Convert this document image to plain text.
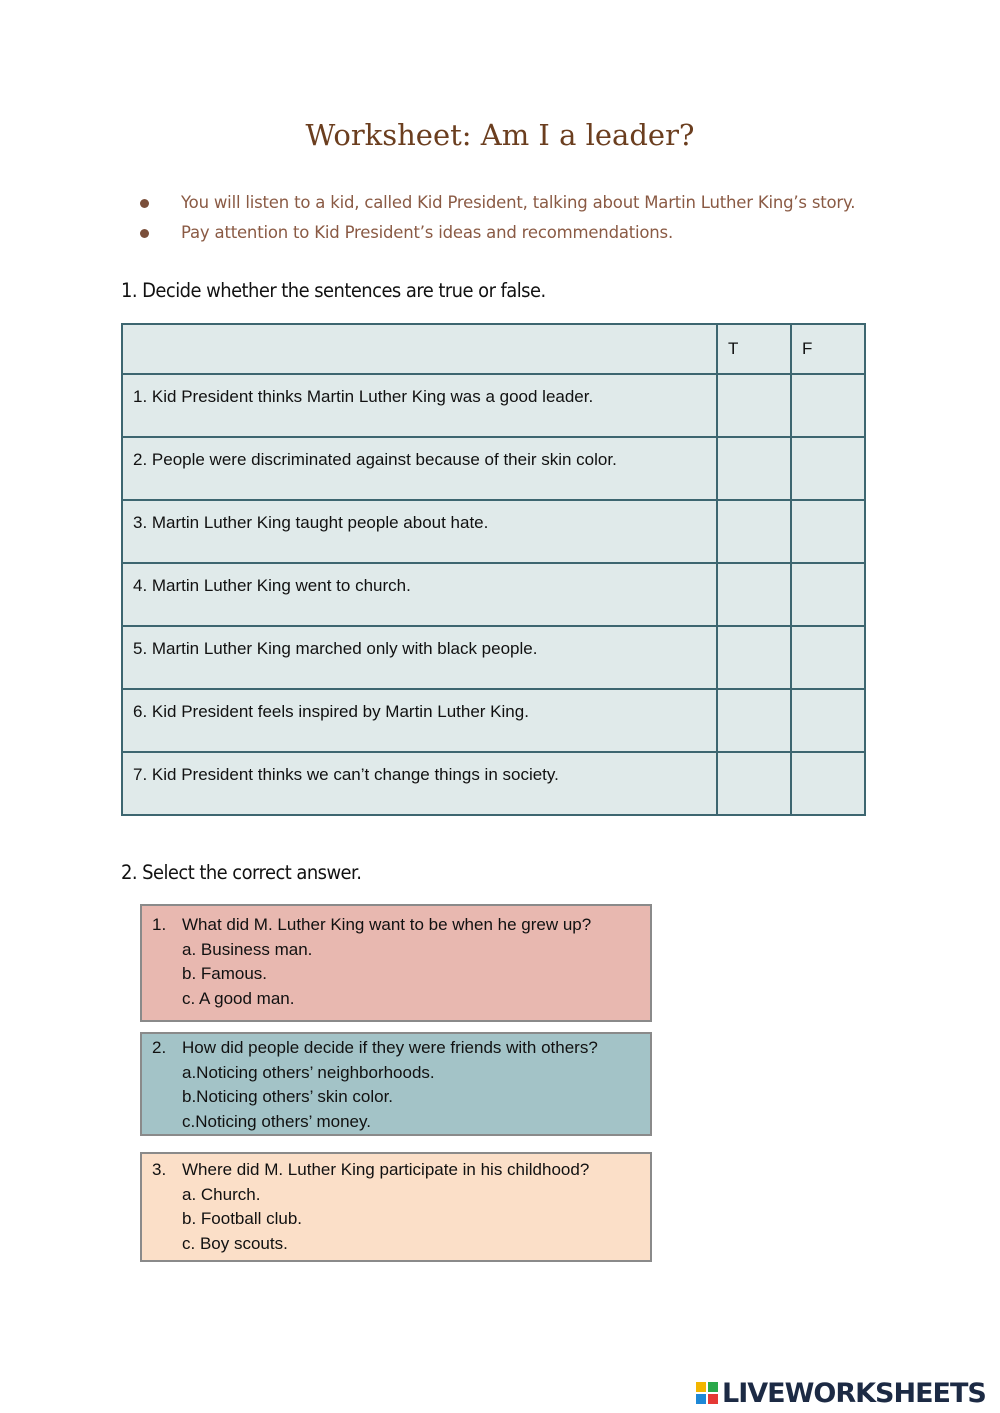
Worksheet: Am I a leader?
You will listen to a kid, called Kid President, talking about Martin Luther King’s story.
Pay attention to Kid President’s ideas and recommendations.
1. Decide whether the sentences are true or false.
	T	F
1. Kid President thinks Martin Luther King was a good leader.		
2. People were discriminated against because of their skin color.		
3. Martin Luther King taught people about hate.		
4. Martin Luther King went to church.		
5. Martin Luther King marched only with black people.		
6. Kid President feels inspired by Martin Luther King.		
7. Kid President thinks we can’t change things in society.		
2. Select the correct answer.
1. What did M. Luther King want to be when he grew up?
a. Business man.
b. Famous.
c. A good man.
2. How did people decide if they were friends with others?
a.Noticing others’ neighborhoods.
b.Noticing others’ skin color.
c.Noticing others’ money.
3. Where did M. Luther King participate in his childhood?
a. Church.
b. Football club.
c. Boy scouts.
LIVEWORKSHEETS
